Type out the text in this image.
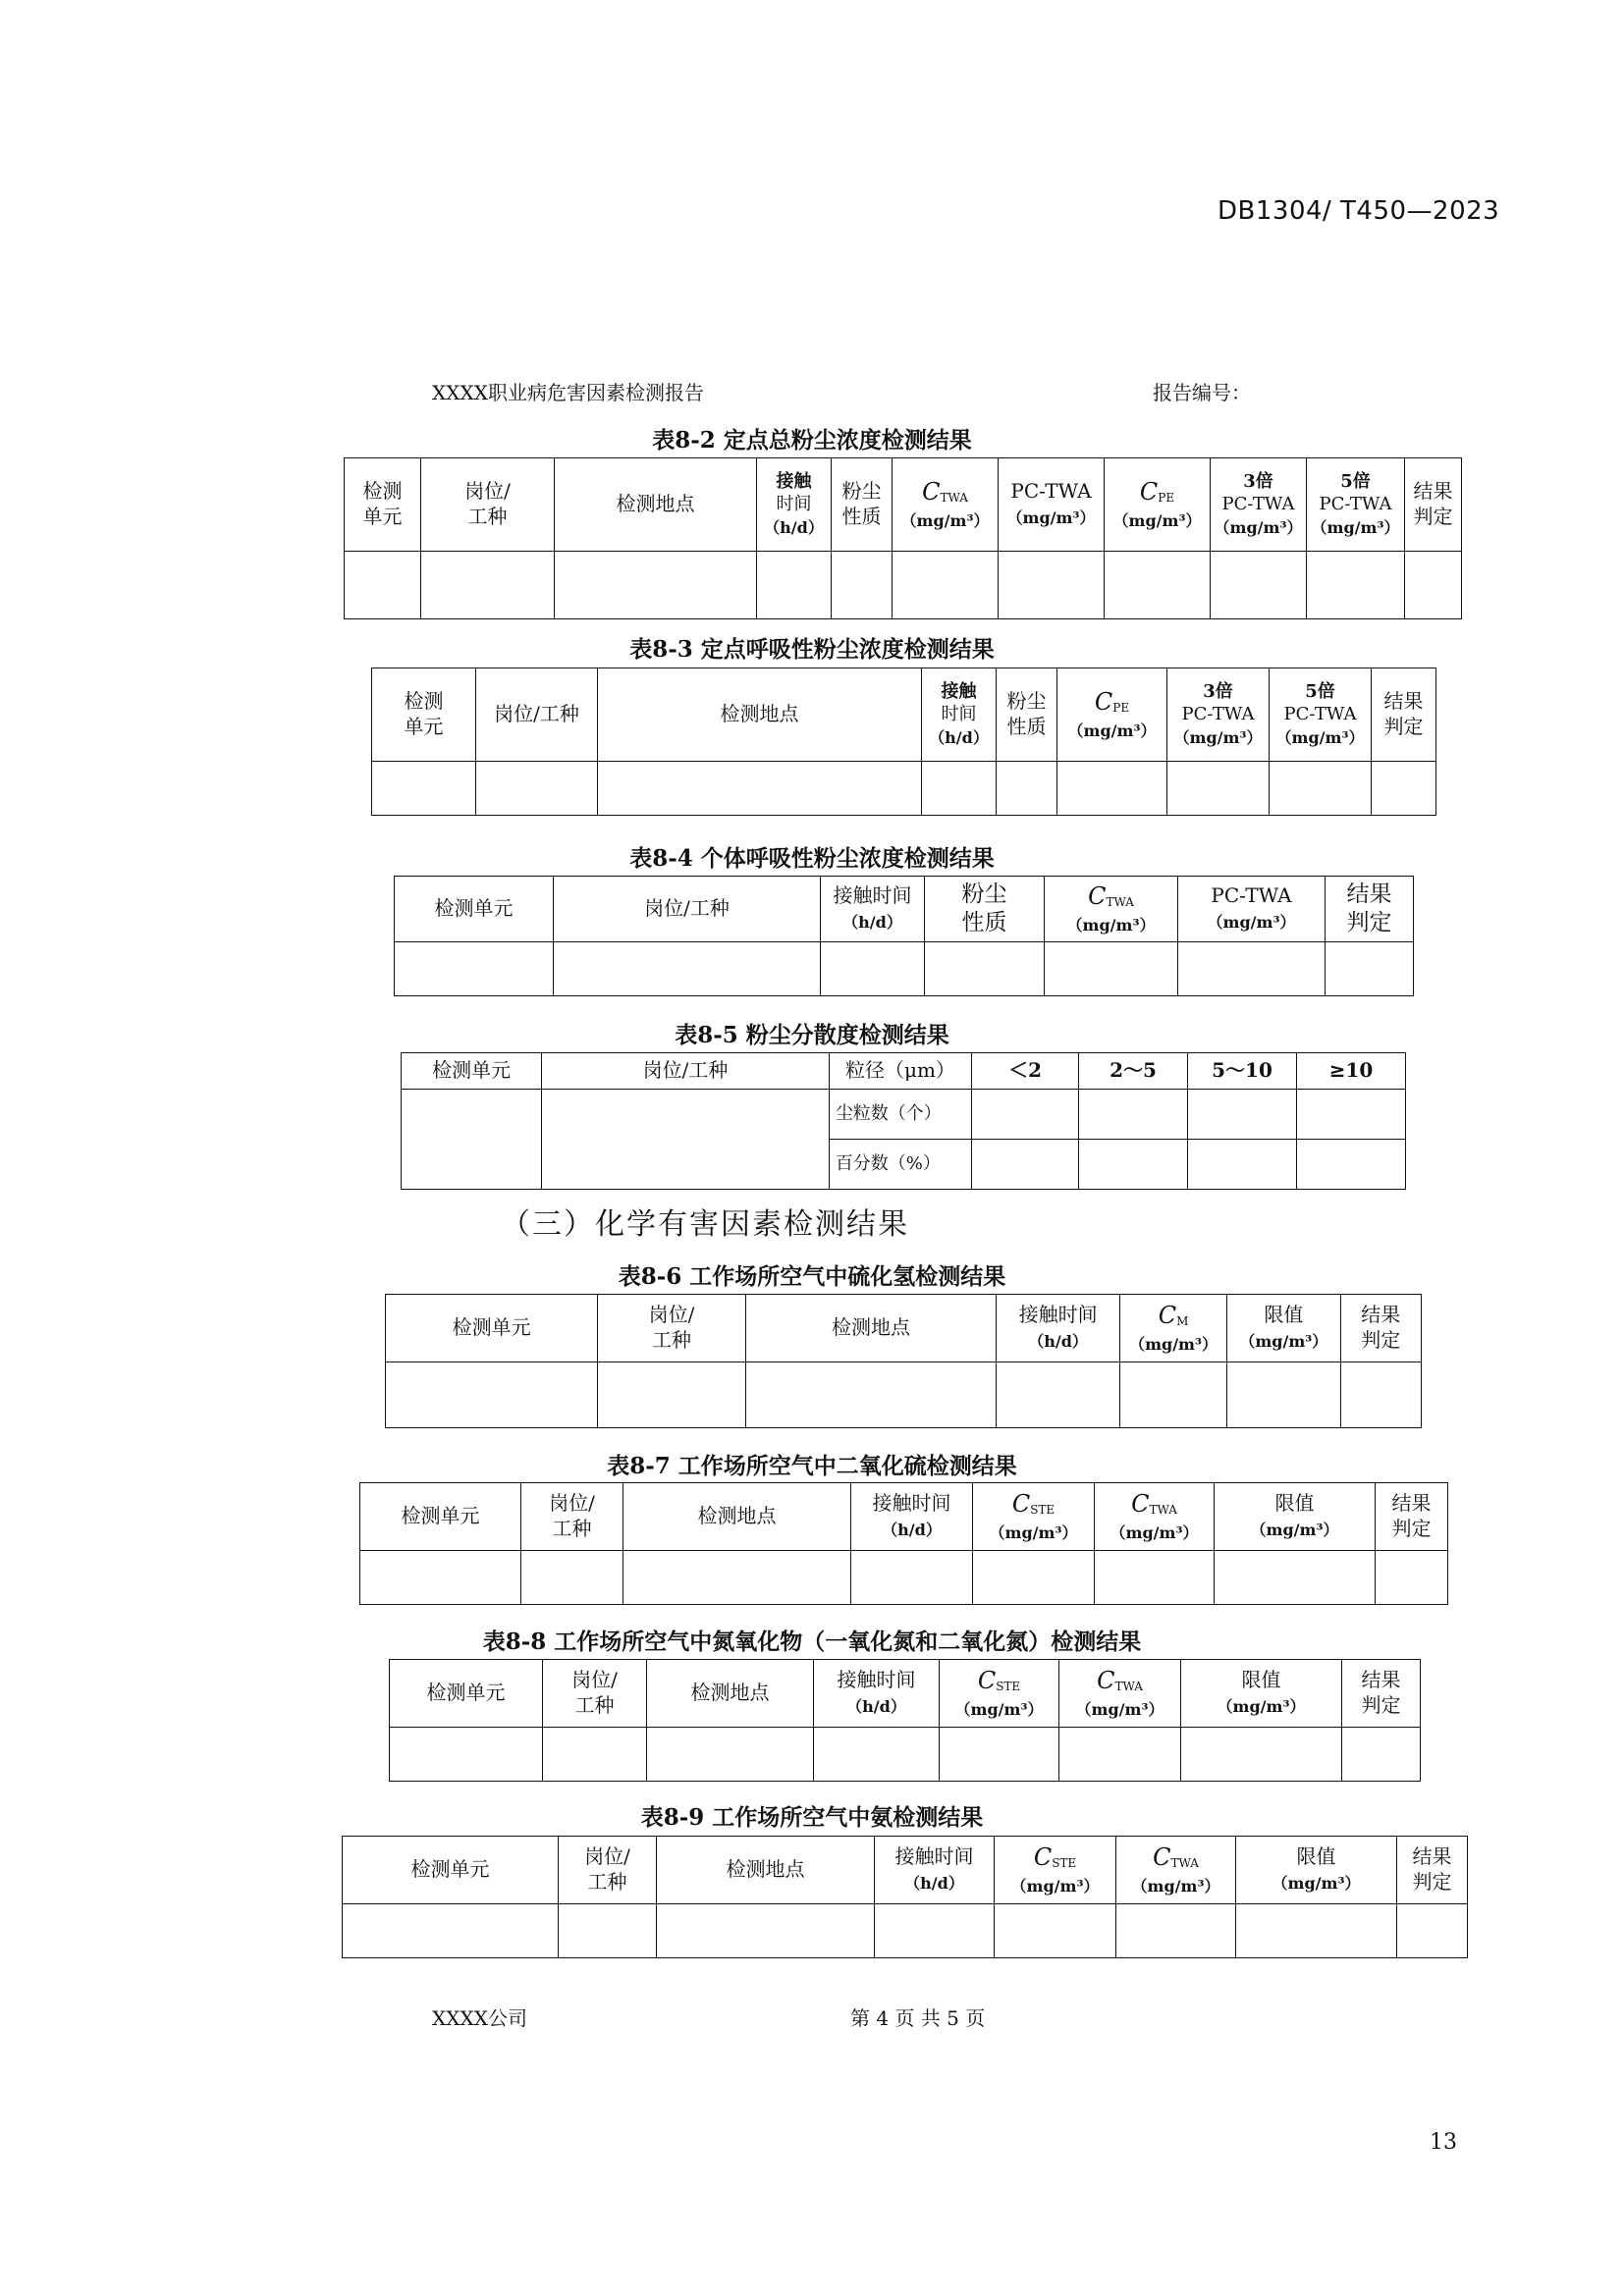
DB1304/ T450—2023
XXXX职业病危害因素检测报告	报告编号：
表8-2 定点总粉尘浓度检测结果
检测
单元	岗位/
工种	检测地点	接触
时间
（h/d）	粉尘
性质	CTWA
（mg/m³）	PC-TWA
（mg/m³）	CPE
（mg/m³）	3倍
PC-TWA
（mg/m³）	5倍
PC-TWA
（mg/m³）	结果
判定

表8-3 定点呼吸性粉尘浓度检测结果
检测
单元	岗位/工种	检测地点	接触
时间
（h/d）	粉尘
性质	CPE
（mg/m³）	3倍
PC-TWA
（mg/m³）	5倍
PC-TWA
（mg/m³）	结果
判定

表8-4 个体呼吸性粉尘浓度检测结果
检测单元	岗位/工种	接触时间
（h/d）	粉尘
性质	CTWA
（mg/m³）	PC-TWA
（mg/m³）	结果
判定

表8-5 粉尘分散度检测结果
检测单元	岗位/工种	粒径（μm）	＜2	2～5	5～10	≥10
		尘粒数（个）				
		百分数（%）				
（三）化学有害因素检测结果
表8-6 工作场所空气中硫化氢检测结果
检测单元	岗位/
工种	检测地点	接触时间
（h/d）	CM
（mg/m³）	限值
（mg/m³）	结果
判定

表8-7 工作场所空气中二氧化硫检测结果
检测单元	岗位/
工种	检测地点	接触时间
（h/d）	CSTE
（mg/m³）	CTWA
（mg/m³）	限值
（mg/m³）	结果
判定

表8-8 工作场所空气中氮氧化物（一氧化氮和二氧化氮）检测结果
检测单元	岗位/
工种	检测地点	接触时间
（h/d）	CSTE
（mg/m³）	CTWA
（mg/m³）	限值
（mg/m³）	结果
判定

表8-9 工作场所空气中氨检测结果
检测单元	岗位/
工种	检测地点	接触时间
（h/d）	CSTE
（mg/m³）	CTWA
（mg/m³）	限值
（mg/m³）	结果
判定

XXXX公司	第 4 页 共 5 页
13
